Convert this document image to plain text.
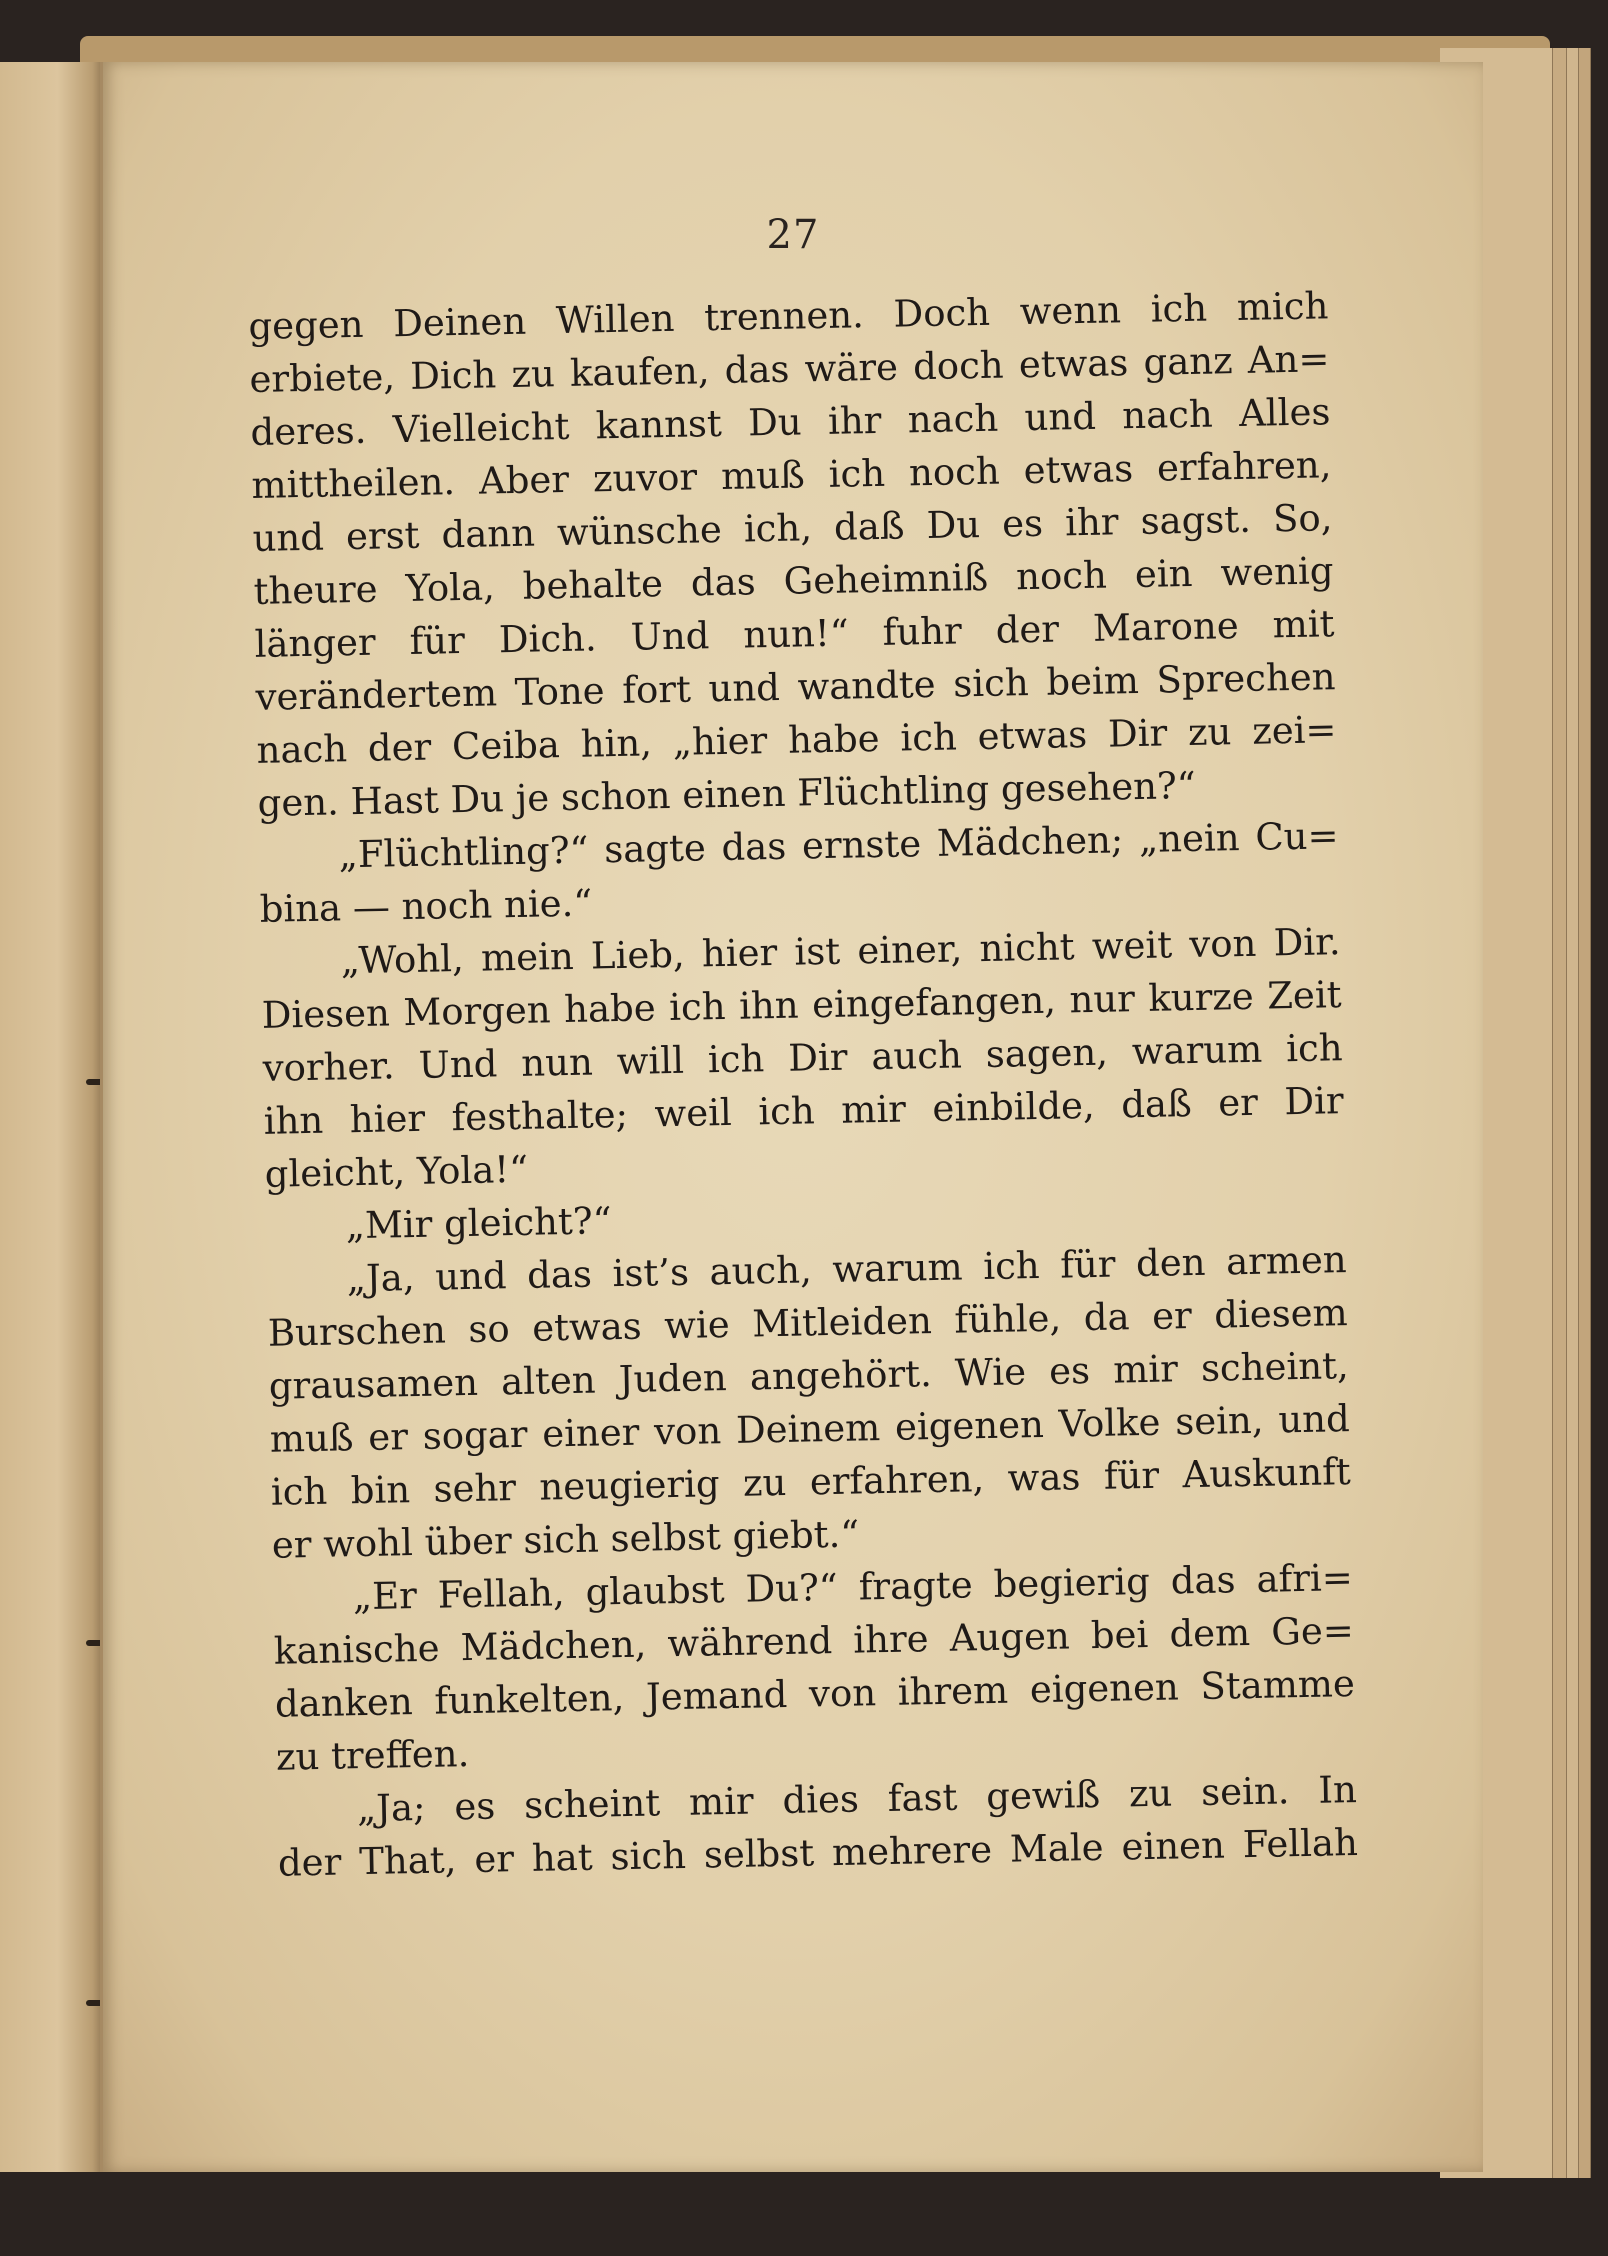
27
gegen Deinen Willen trennen. Doch wenn ich mich
erbiete, Dich zu kaufen, das wäre doch etwas ganz An=
deres. Vielleicht kannst Du ihr nach und nach Alles
mittheilen. Aber zuvor muß ich noch etwas erfahren,
und erst dann wünsche ich, daß Du es ihr sagst. So,
theure Yola, behalte das Geheimniß noch ein wenig
länger für Dich. Und nun!“ fuhr der Marone mit
verändertem Tone fort und wandte sich beim Sprechen
nach der Ceiba hin, „hier habe ich etwas Dir zu zei=
gen. Hast Du je schon einen Flüchtling gesehen?“
„Flüchtling?“ sagte das ernste Mädchen; „nein Cu=
bina — noch nie.“
„Wohl, mein Lieb, hier ist einer, nicht weit von Dir.
Diesen Morgen habe ich ihn eingefangen, nur kurze Zeit
vorher. Und nun will ich Dir auch sagen, warum ich
ihn hier festhalte; weil ich mir einbilde, daß er Dir
gleicht, Yola!“
„Mir gleicht?“
„Ja, und das ist’s auch, warum ich für den armen
Burschen so etwas wie Mitleiden fühle, da er diesem
grausamen alten Juden angehört. Wie es mir scheint,
muß er sogar einer von Deinem eigenen Volke sein, und
ich bin sehr neugierig zu erfahren, was für Auskunft
er wohl über sich selbst giebt.“
„Er Fellah, glaubst Du?“ fragte begierig das afri=
kanische Mädchen, während ihre Augen bei dem Ge=
danken funkelten, Jemand von ihrem eigenen Stamme
zu treffen.
„Ja; es scheint mir dies fast gewiß zu sein. In
der That, er hat sich selbst mehrere Male einen Fellah
